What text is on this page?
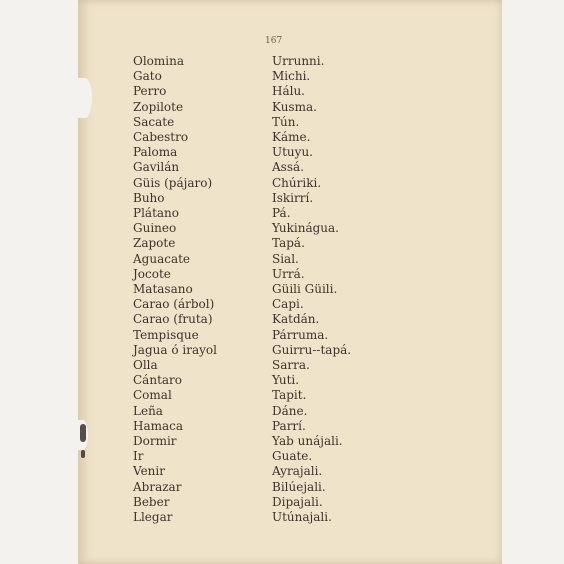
167
Olomina
Gato
Perro
Zopilote
Sacate
Cabestro
Paloma
Gavilán
Güis (pájaro)
Buho
Plátano
Guineo
Zapote
Aguacate
Jocote
Matasano
Carao (árbol)
Carao (fruta)
Tempisque
Jagua ó irayol
Olla
Cántaro
Comal
Leña
Hamaca
Dormir
Ir
Venir
Abrazar
Beber
Llegar
Urrunni.
Michi.
Hálu.
Kusma.
Tún.
Káme.
Utuyu.
Assá.
Chúriki.
Iskirrí.
Pá.
Yukinágua.
Tapá.
Sial.
Urrá.
Güili Güili.
Capi.
Katdán.
Párruma.
Guirru--tapá.
Sarra.
Yuti.
Tapit.
Dáne.
Parrí.
Yab unájali.
Guate.
Ayrajali.
Bilúejali.
Dipajali.
Utúnajali.
